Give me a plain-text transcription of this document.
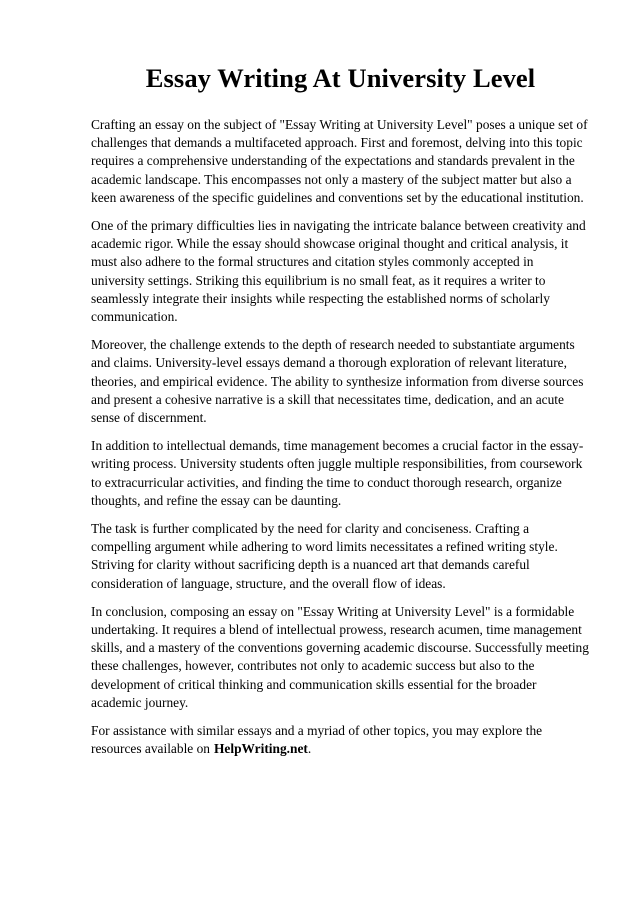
Essay Writing At University Level

Crafting an essay on the subject of "Essay Writing at University Level" poses a unique set of challenges that demands a multifaceted approach. First and foremost, delving into this topic requires a comprehensive understanding of the expectations and standards prevalent in the academic landscape. This encompasses not only a mastery of the subject matter but also a keen awareness of the specific guidelines and conventions set by the educational institution.

One of the primary difficulties lies in navigating the intricate balance between creativity and academic rigor. While the essay should showcase original thought and critical analysis, it must also adhere to the formal structures and citation styles commonly accepted in university settings. Striking this equilibrium is no small feat, as it requires a writer to seamlessly integrate their insights while respecting the established norms of scholarly communication.

Moreover, the challenge extends to the depth of research needed to substantiate arguments and claims. University-level essays demand a thorough exploration of relevant literature, theories, and empirical evidence. The ability to synthesize information from diverse sources and present a cohesive narrative is a skill that necessitates time, dedication, and an acute sense of discernment.

In addition to intellectual demands, time management becomes a crucial factor in the essay-writing process. University students often juggle multiple responsibilities, from coursework to extracurricular activities, and finding the time to conduct thorough research, organize thoughts, and refine the essay can be daunting.

The task is further complicated by the need for clarity and conciseness. Crafting a compelling argument while adhering to word limits necessitates a refined writing style. Striving for clarity without sacrificing depth is a nuanced art that demands careful consideration of language, structure, and the overall flow of ideas.

In conclusion, composing an essay on "Essay Writing at University Level" is a formidable undertaking. It requires a blend of intellectual prowess, research acumen, time management skills, and a mastery of the conventions governing academic discourse. Successfully meeting these challenges, however, contributes not only to academic success but also to the development of critical thinking and communication skills essential for the broader academic journey.

For assistance with similar essays and a myriad of other topics, you may explore the resources available on HelpWriting.net.
